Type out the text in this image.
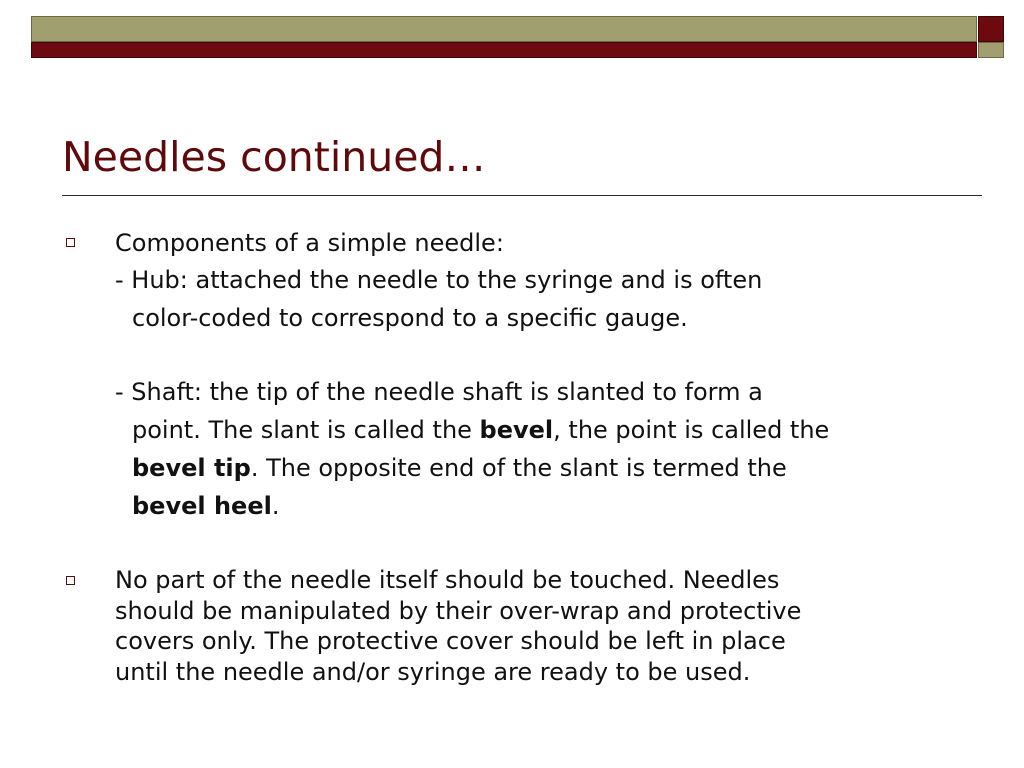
Needles continued…

Components of a simple needle:

- Hub: attached the needle to the syringe and is often

color-coded to correspond to a specific gauge.

- Shaft: the tip of the needle shaft is slanted to form a

point. The slant is called the bevel, the point is called the

bevel tip. The opposite end of the slant is termed the

bevel heel.

No part of the needle itself should be touched. Needles
should be manipulated by their over-wrap and protective
covers only. The protective cover should be left in place
until the needle and/or syringe are ready to be used.
